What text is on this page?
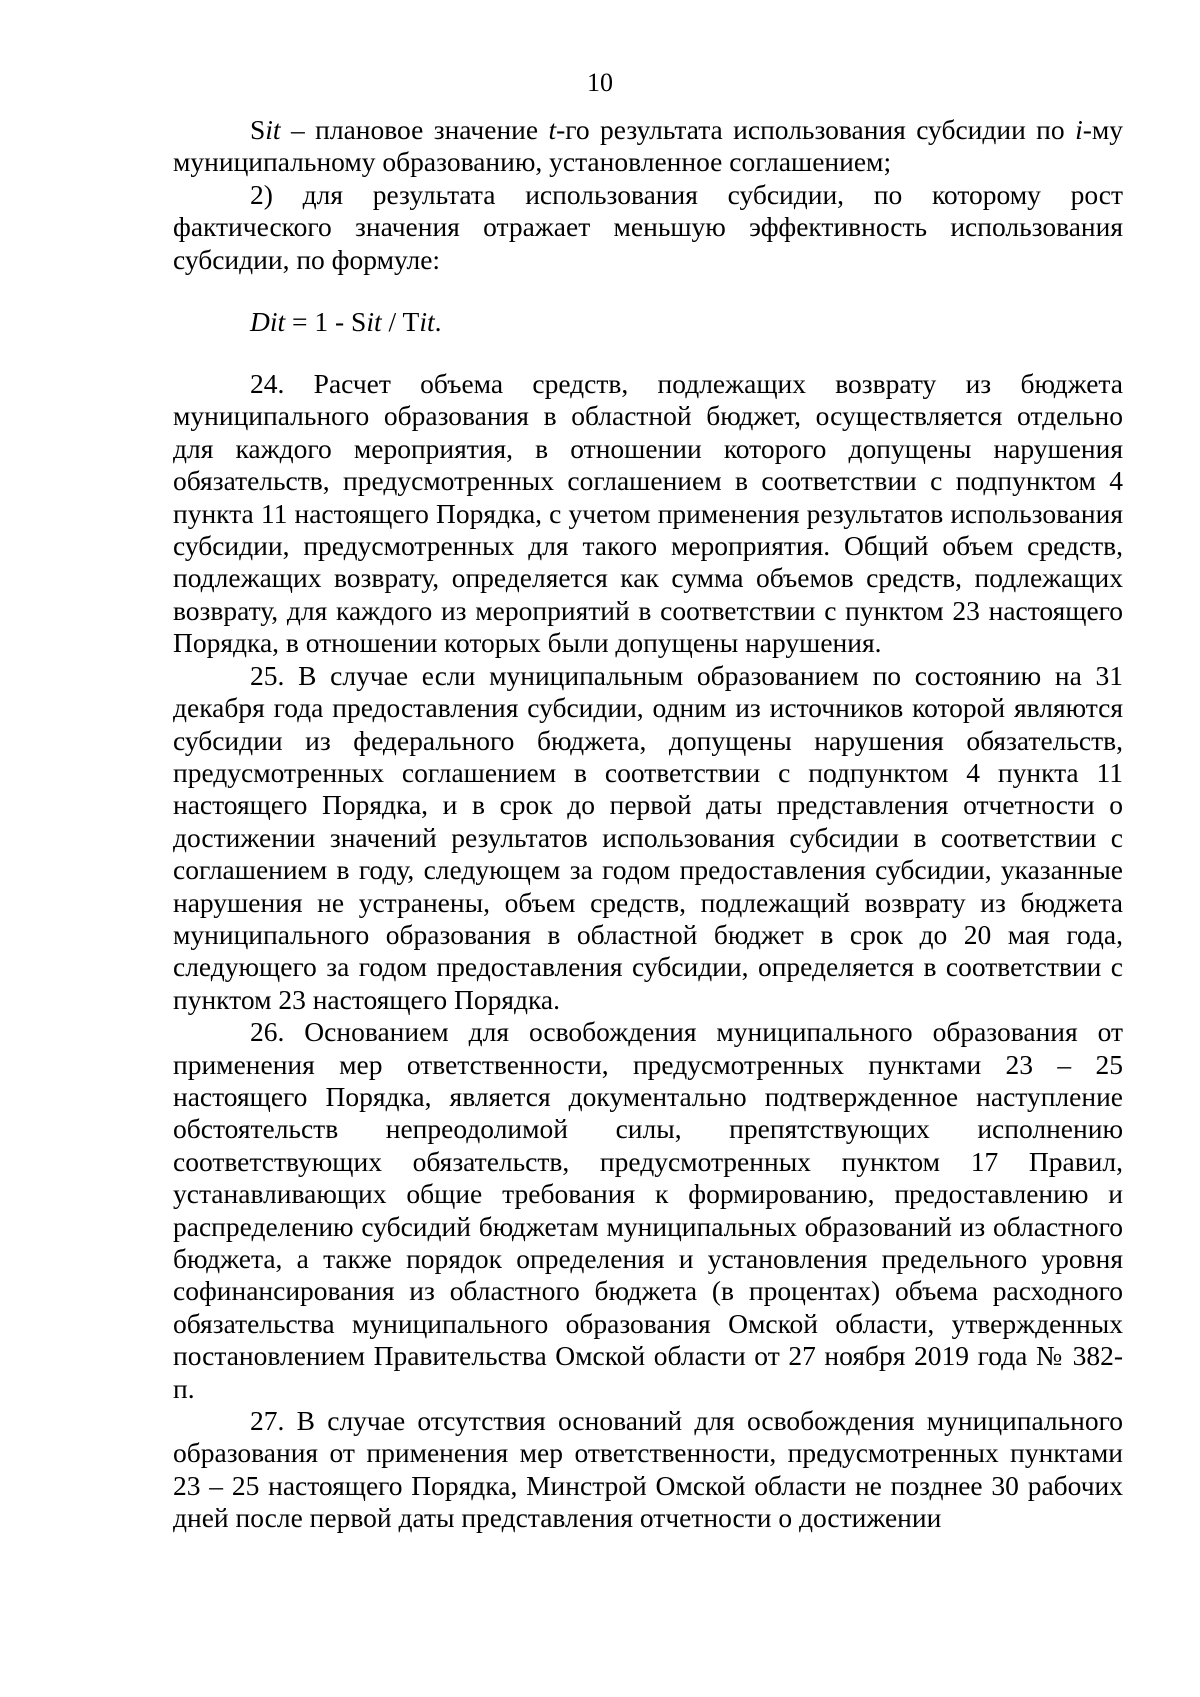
10

Sit – плановое значение t-го результата использования субсидии по i-му муниципальному образованию, установленное соглашением;

2) для результата использования субсидии, по которому рост фактического значения отражает меньшую эффективность использования субсидии, по формуле:

Dit = 1 - Sit / Tit.

24. Расчет объема средств, подлежащих возврату из бюджета муниципального образования в областной бюджет, осуществляется отдельно для каждого мероприятия, в отношении которого допущены нарушения обязательств, предусмотренных соглашением в соответствии с подпунктом 4 пункта 11 настоящего Порядка, с учетом применения результатов использования субсидии, предусмотренных для такого мероприятия. Общий объем средств, подлежащих возврату, определяется как сумма объемов средств, подлежащих возврату, для каждого из мероприятий в соответствии с пунктом 23 настоящего Порядка, в отношении которых были допущены нарушения.

25. В случае если муниципальным образованием по состоянию на 31 декабря года предоставления субсидии, одним из источников которой являются субсидии из федерального бюджета, допущены нарушения обязательств, предусмотренных соглашением в соответствии с подпунктом 4 пункта 11 настоящего Порядка, и в срок до первой даты представления отчетности о достижении значений результатов использования субсидии в соответствии с соглашением в году, следующем за годом предоставления субсидии, указанные нарушения не устранены, объем средств, подлежащий возврату из бюджета муниципального образования в областной бюджет в срок до 20 мая года, следующего за годом предоставления субсидии, определяется в соответствии с пунктом 23 настоящего Порядка.

26. Основанием для освобождения муниципального образования от применения мер ответственности, предусмотренных пунктами 23 – 25 настоящего Порядка, является документально подтвержденное наступление обстоятельств непреодолимой силы, препятствующих исполнению соответствующих обязательств, предусмотренных пунктом 17 Правил, устанавливающих общие требования к формированию, предоставлению и распределению субсидий бюджетам муниципальных образований из областного бюджета, а также порядок определения и установления предельного уровня софинансирования из областного бюджета (в процентах) объема расходного обязательства муниципального образования Омской области, утвержденных постановлением Правительства Омской области от 27 ноября 2019 года № 382-п.

27. В случае отсутствия оснований для освобождения муниципального образования от применения мер ответственности, предусмотренных пунктами 23 – 25 настоящего Порядка, Минстрой Омской области не позднее 30 рабочих дней после первой даты представления отчетности о достижении
